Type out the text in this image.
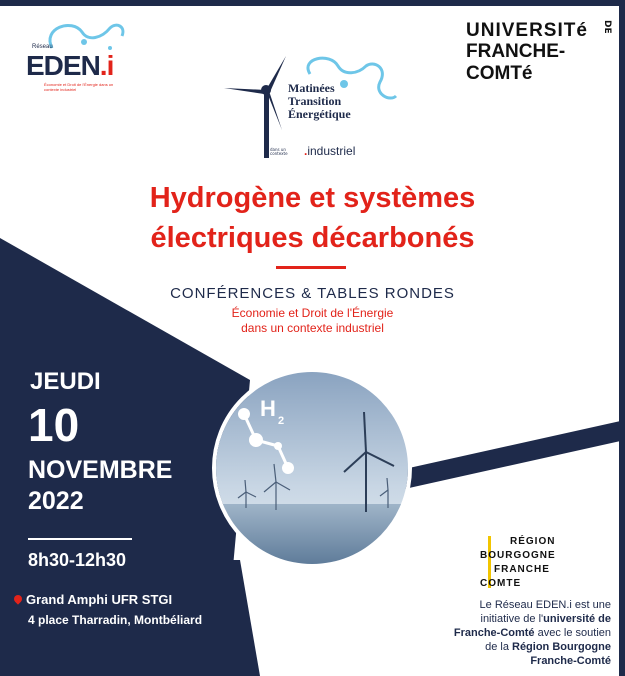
Réseau
EDEN.i
Économie et Droit de l'Énergie dans un contexte industriel
UNIVERSITé
FRANCHE-COMTé
DE
Matinées
Transition
Énergétique
dans un contexte	.industriel
Hydrogène et systèmes
électriques décarbonés
CONFÉRENCES & TABLES RONDES
Économie et Droit de l'Énergie
dans un contexte industriel
JEUDI
10
NOVEMBRE
2022
8h30-12h30
Grand Amphi UFR STGI
4 place Tharradin, Montbéliard
H 2
RÉGION
BOURGOGNE
FRANCHE
COMTE
Le Réseau EDEN.i est une
initiative de l'université de
Franche-Comté avec le soutien
de la Région Bourgogne
Franche-Comté
